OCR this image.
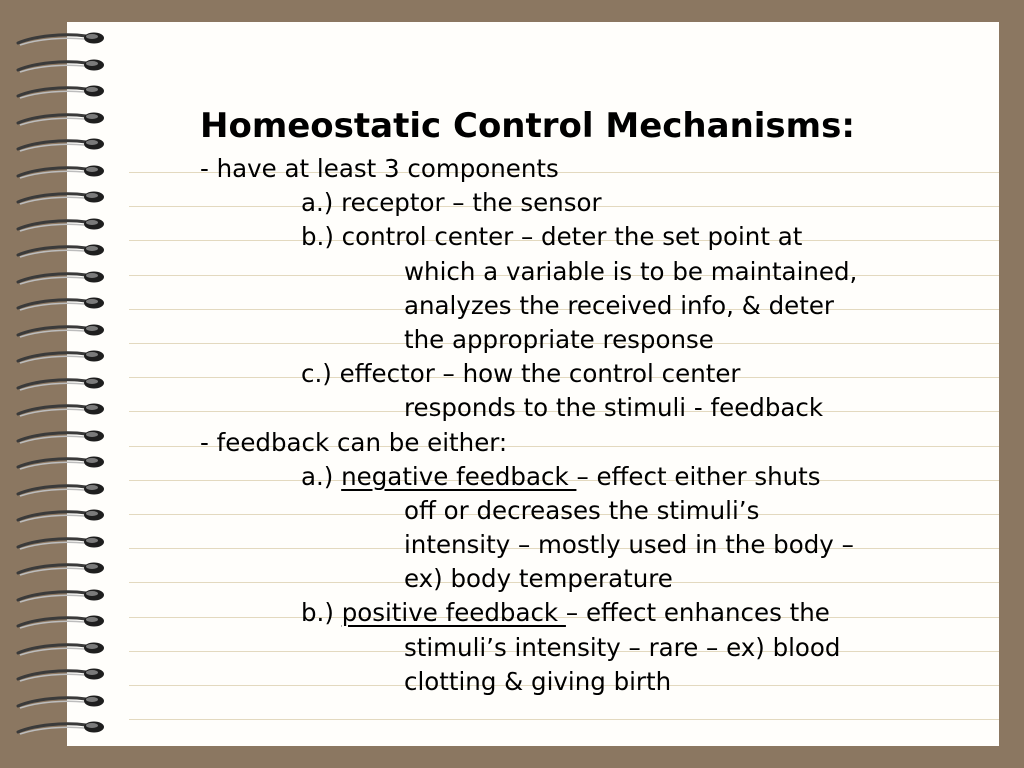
Homeostatic Control Mechanisms:
- have at least 3 components
a.) receptor – the sensor
b.) control center – deter the set point at
which a variable is to be maintained,
analyzes the received info, & deter
the appropriate response
c.) effector – how the control center
responds to the stimuli - feedback
- feedback can be either:
a.) negative feedback – effect either shuts
off or decreases the stimuli’s
intensity – mostly used in the body –
ex) body temperature
b.) positive feedback – effect enhances the
stimuli’s intensity – rare – ex) blood
clotting & giving birth
